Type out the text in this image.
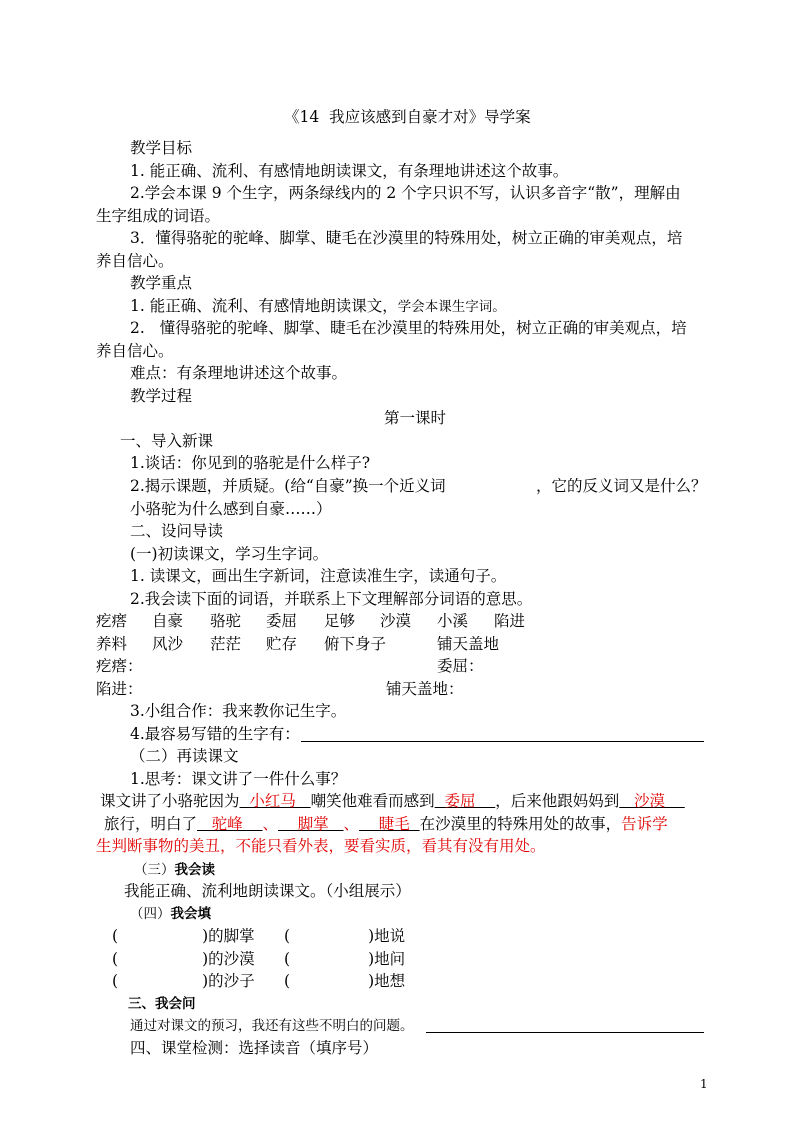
《14  我应该感到自豪才对》导学案
教学目标
1. 能正确、流利、有感情地朗读课文，有条理地讲述这个故事。
2.学会本课 9 个生字，两条绿线内的 2 个字只识不写，认识多音字“散”，理解由
生字组成的词语。
3．懂得骆驼的驼峰、脚掌、睫毛在沙漠里的特殊用处，树立正确的审美观点，培
养自信心。
教学重点
1. 能正确、流利、有感情地朗读课文，学会本课生字词。
2.   懂得骆驼的驼峰、脚掌、睫毛在沙漠里的特殊用处，树立正确的审美观点，培
养自信心。
难点：有条理地讲述这个故事。
教学过程
第一课时
一、导入新课
1.谈话：你见到的骆驼是什么样子?
2.揭示课题，并质疑。(给“自豪”换一个近义词	，它的反义词又是什么？
小骆驼为什么感到自豪……）
二、设问导读
(一)初读课文，学习生字词。
1. 读课文，画出生字新词，注意读准生字，读通句子。
2.我会读下面的词语，并联系上下文理解部分词语的意思。
疙瘩 自豪 骆驼 委屈 足够 沙漠 小溪 陷进
养料 风沙 茫茫 贮存 俯下身子	铺天盖地
疙瘩：	委屈：
陷进：	铺天盖地：
3.小组合作：我来教你记生字。
4.最容易写错的生字有：
（二）再读课文
1.思考：课文讲了一件什么事？
课文讲了小骆驼因为  小红马   嘲笑他难看而感到  委屈    ，后来他跟妈妈到   沙漠
旅行，明白了   驼峰    、    脚掌   、    睫毛  在沙漠里的特殊用处的故事，告诉学
生判断事物的美丑，不能只看外表，要看实质，看其有没有用处。
（三）我会读
我能正确、流利地朗读课文。（小组展示）
（四）我会填
(	)的脚掌 (	)地说
(	)的沙漠 (	)地问
(	)的沙子 (	)地想
三、我会问
通过对课文的预习，我还有这些不明白的问题。
四、课堂检测：选择读音（填序号）
1
